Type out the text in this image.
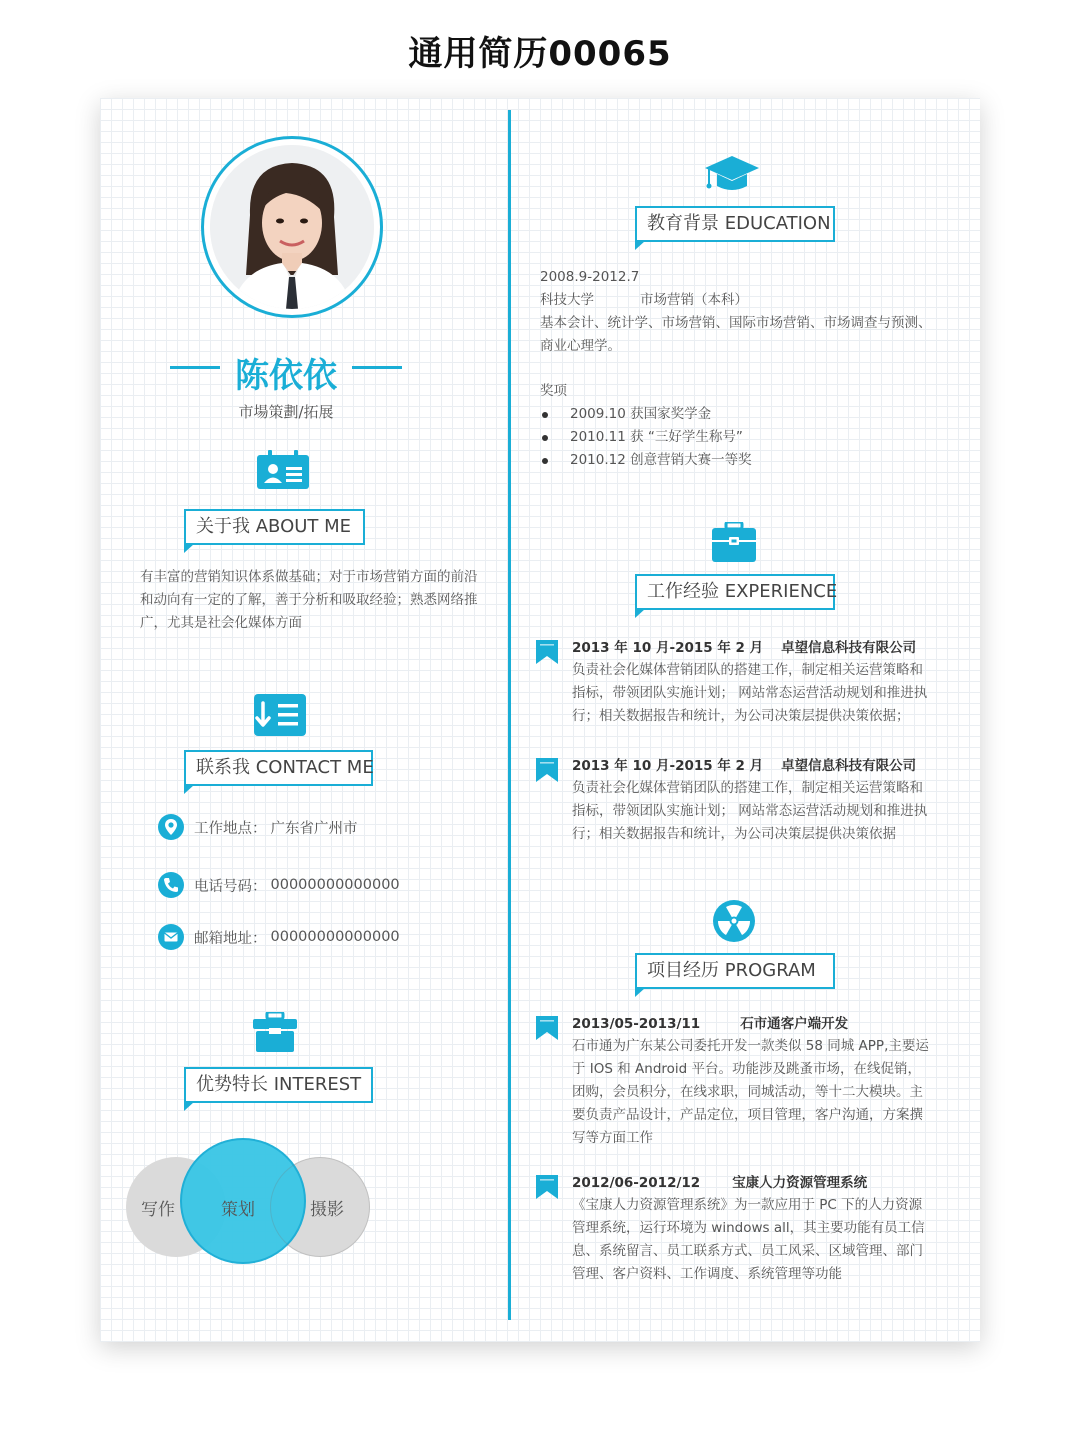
通用简历00065
陈依依
市場策劃/拓展
关于我 ABOUT ME
有丰富的营销知识体系做基础；对于市场营销方面的前沿和动向有一定的了解，善于分析和吸取经验；熟悉网络推广，尤其是社会化媒体方面
联系我 CONTACT ME
工作地点： 广东省广州市
电话号码： 00000000000000
邮箱地址： 00000000000000
优势特长 INTEREST
写作	策划	摄影
教育背景 EDUCATION
2008.9-2012.7
科技大学	市场营销（本科）
基本会计、统计学、市场营销、国际市场营销、市场调查与预测、商业心理学。
奖项
2009.10 获国家奖学金
2010.11 获 “三好学生称号”
2010.12 创意营销大赛一等奖
工作经验 EXPERIENCE
2013 年 10 月-2015 年 2 月 卓望信息科技有限公司
负责社会化媒体营销团队的搭建工作，制定相关运营策略和指标，带领团队实施计划； 网站常态运营活动规划和推进执行；相关数据报告和统计，为公司决策层提供决策依据；
2013 年 10 月-2015 年 2 月 卓望信息科技有限公司
负责社会化媒体营销团队的搭建工作，制定相关运营策略和指标，带领团队实施计划； 网站常态运营活动规划和推进执行；相关数据报告和统计，为公司决策层提供决策依据
项目经历 PROGRAM
2013/05-2013/11	石市通客户端开发
石市通为广东某公司委托开发一款类似 58 同城 APP,主要运于 IOS 和 Android 平台。功能涉及跳蚤市场，在线促销，团购，会员积分，在线求职，同城活动，等十二大模块。主要负责产品设计，产品定位，项目管理，客户沟通，方案撰写等方面工作
2012/06-2012/12 宝康人力资源管理系统
《宝康人力资源管理系统》为一款应用于 PC 下的人力资源管理系统，运行环境为 windows all，其主要功能有员工信息、系统留言、员工联系方式、员工风采、区域管理、部门管理、客户资料、工作调度、系统管理等功能
